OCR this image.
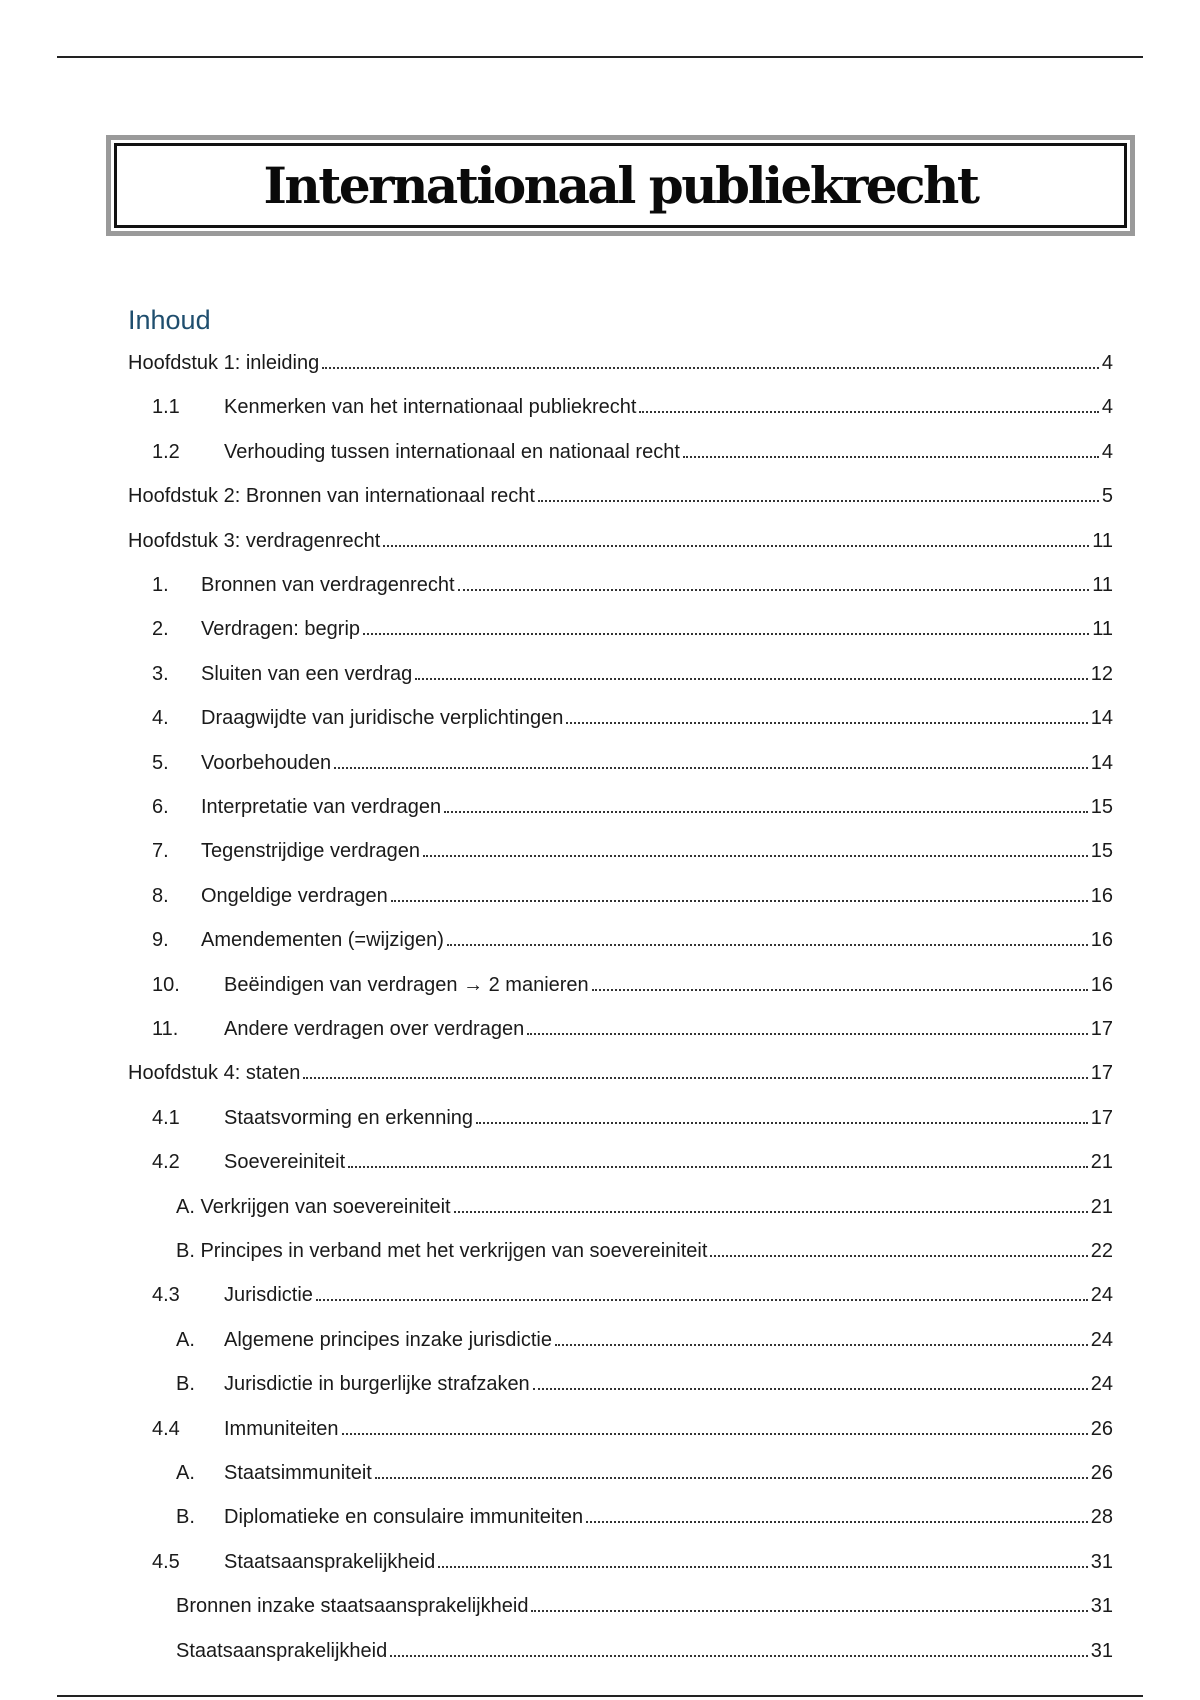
Internationaal publiekrecht
Inhoud
Hoofdstuk 1: inleiding	4
1.1	Kenmerken van het internationaal publiekrecht	4
1.2	Verhouding tussen internationaal en nationaal recht	4
Hoofdstuk 2: Bronnen van internationaal recht	5
Hoofdstuk 3: verdragenrecht	11
1.	Bronnen van verdragenrecht	11
2.	Verdragen: begrip	11
3.	Sluiten van een verdrag	12
4.	Draagwijdte van juridische verplichtingen	14
5.	Voorbehouden	14
6.	Interpretatie van verdragen	15
7.	Tegenstrijdige verdragen	15
8.	Ongeldige verdragen	16
9.	Amendementen (=wijzigen)	16
10.	Beëindigen van verdragen → 2 manieren	16
11.	Andere verdragen over verdragen	17
Hoofdstuk 4: staten	17
4.1	Staatsvorming en erkenning	17
4.2	Soevereiniteit	21
A. Verkrijgen van soevereiniteit	21
B. Principes in verband met het verkrijgen van soevereiniteit	22
4.3	Jurisdictie	24
A.	Algemene principes inzake jurisdictie	24
B.	Jurisdictie in burgerlijke strafzaken	24
4.4	Immuniteiten	26
A.	Staatsimmuniteit	26
B.	Diplomatieke en consulaire immuniteiten	28
4.5	Staatsaansprakelijkheid	31
Bronnen inzake staatsaansprakelijkheid	31
Staatsaansprakelijkheid	31
